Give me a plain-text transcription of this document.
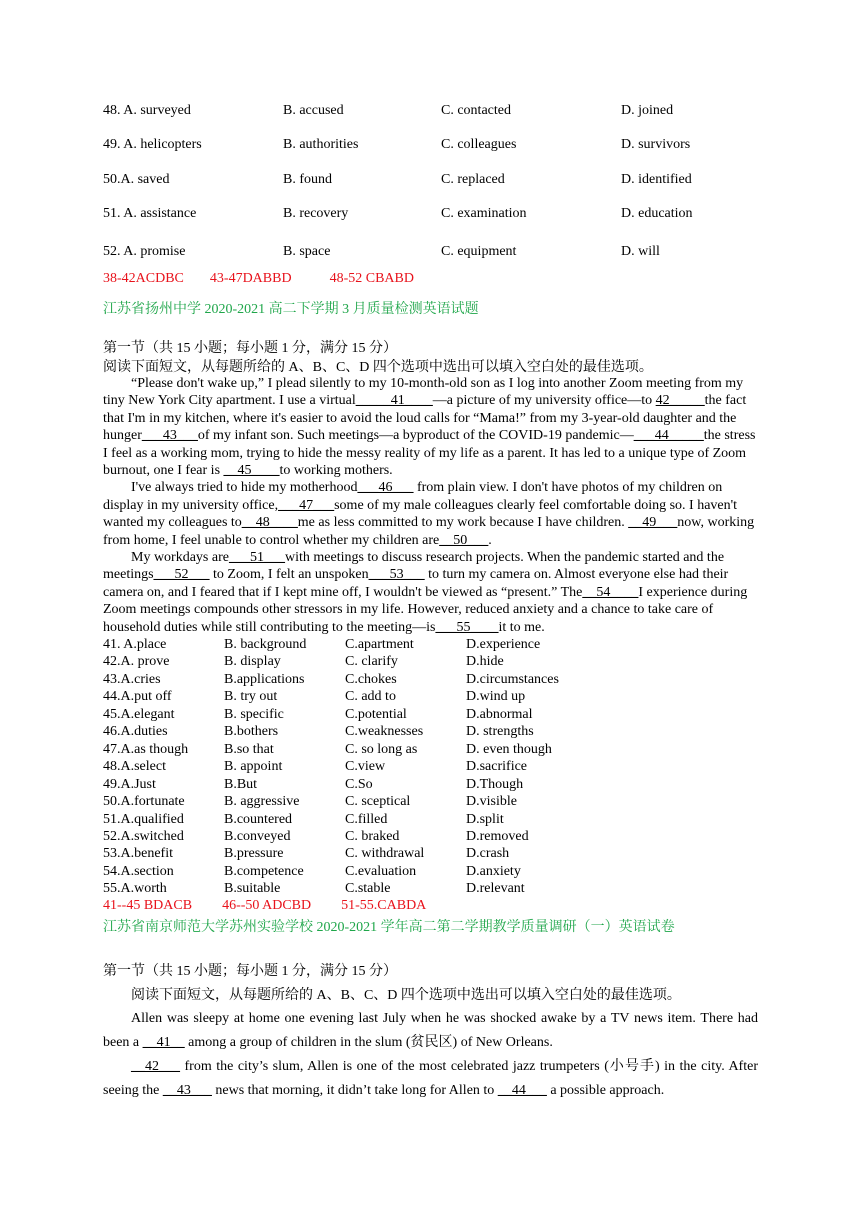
48. A. surveyed	B. accused	C. contacted	D. joined
49. A. helicopters	B. authorities	C. colleagues	D. survivors
50.A. saved	B. found	C. replaced	D. identified
51. A. assistance	B. recovery	C. examination	D. education
52. A. promise	B. space	C. equipment	D. will
38-42ACDBC 43-47DABBD	48-52 CBABD
江苏省扬州中学 2020-2021 高二下学期 3 月质量检测英语试题
第一节（共 15 小题；每小题 1 分，满分 15 分）
阅读下面短文，从每题所给的 A、B、C、D 四个选项中选出可以填入空白处的最佳选项。

“Please don't wake up,” I plead silently to my 10-month-old son as I log into another Zoom meeting from my tiny New York City apartment. I use a virtual_____41____—a picture of my university office—to 42_____the fact that I'm in my kitchen, where it's easier to avoid the loud calls for “Mama!” from my 3-year-old daughter and the hunger___43___of my infant son. Such meetings—a byproduct of the COVID-19 pandemic—___44_____the stress I feel as a working mom, trying to hide the messy reality of my life as a parent. It has led to a unique type of Zoom burnout, one I fear is __45____to working mothers.

I've always tried to hide my motherhood___46___ from plain view. I don't have photos of my children on display in my university office,___47___some of my male colleagues clearly feel comfortable doing so. I haven't wanted my colleagues to__48____me as less committed to my work because I have children. __49___now, working from home, I feel unable to control whether my children are__50___.

My workdays are___51___with meetings to discuss research projects. When the pandemic started and the meetings___52___ to Zoom, I felt an unspoken___53___ to turn my camera on. Almost everyone else had their camera on, and I feared that if I kept mine off, I wouldn't be viewed as “present.” The__54____I experience during Zoom meetings compounds other stressors in my life. However, reduced anxiety and a chance to take care of household duties while still contributing to the meeting—is___55____it to me.

41. A.place	B. background	C.apartment	D.experience
42.A. prove	B. display	C. clarify	D.hide
43.A.cries	B.applications	C.chokes	D.circumstances
44.A.put off	B. try out	C. add to	D.wind up
45.A.elegant	B. specific	C.potential	D.abnormal
46.A.duties	B.bothers	C.weaknesses	D. strengths
47.A.as though	B.so that	C. so long as	D. even though
48.A.select	B. appoint	C.view	D.sacrifice
49.A.Just	B.But	C.So	D.Though
50.A.fortunate	B. aggressive	C. sceptical	D.visible
51.A.qualified	B.countered	C.filled	D.split
52.A.switched	B.conveyed	C. braked	D.removed
53.A.benefit	B.pressure	C. withdrawal	D.crash
54.A.section	B.competence	C.evaluation	D.anxiety
55.A.worth	B.suitable	C.stable	D.relevant
41--45 BDACB 46--50 ADCBD 51-55.CABDA
江苏省南京师范大学苏州实验学校 2020-2021 学年高二第二学期教学质量调研（一）英语试卷
第一节（共 15 小题；每小题 1 分，满分 15 分）
阅读下面短文，从每题所给的 A、B、C、D 四个选项中选出可以填入空白处的最佳选项。

Allen was sleepy at home one evening last July when he was shocked awake by a TV news item. There had been a __41__ among a group of children in the slum (贫民区) of New Orleans.

__42___ from the city’s slum, Allen is one of the most celebrated jazz trumpeters (小号手) in the city. After seeing the __43___ news that morning, it didn’t take long for Allen to __44___ a possible approach.
